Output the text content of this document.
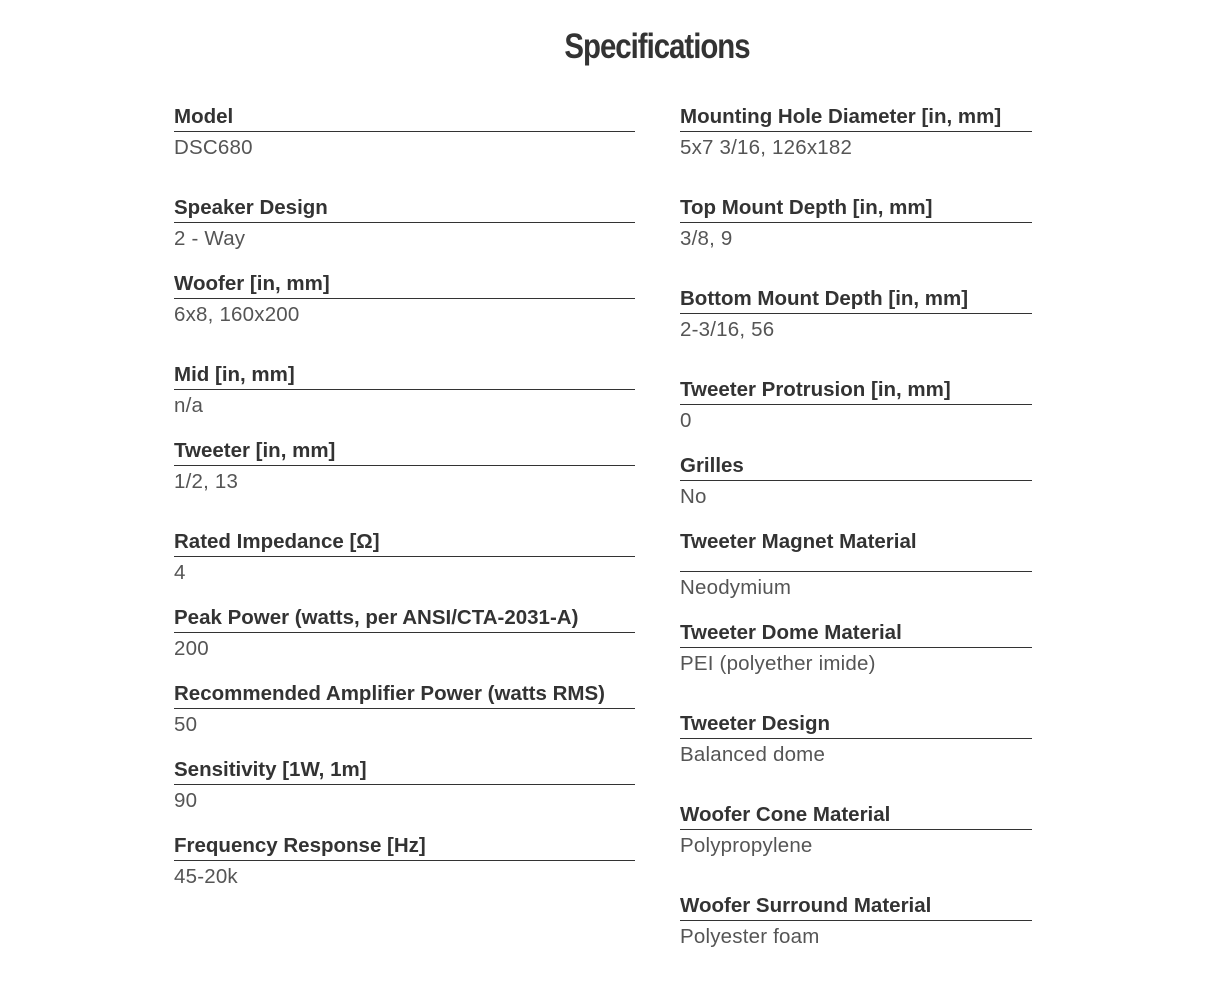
Specifications
Model
DSC680
Speaker Design
2 - Way
Woofer [in, mm]
6x8, 160x200
Mid [in, mm]
n/a
Tweeter [in, mm]
1/2, 13
Rated Impedance [Ω]
4
Peak Power (watts, per ANSI/CTA-2031-A)
200
Recommended Amplifier Power (watts RMS)
50
Sensitivity [1W, 1m]
90
Frequency Response [Hz]
45-20k
Mounting Hole Diameter [in, mm]
5x7 3/16, 126x182
Top Mount Depth [in, mm]
3/8, 9
Bottom Mount Depth [in, mm]
2-3/16, 56
Tweeter Protrusion [in, mm]
0
Grilles
No
Tweeter Magnet Material
Neodymium
Tweeter Dome Material
PEI (polyether imide)
Tweeter Design
Balanced dome
Woofer Cone Material
Polypropylene
Woofer Surround Material
Polyester foam
